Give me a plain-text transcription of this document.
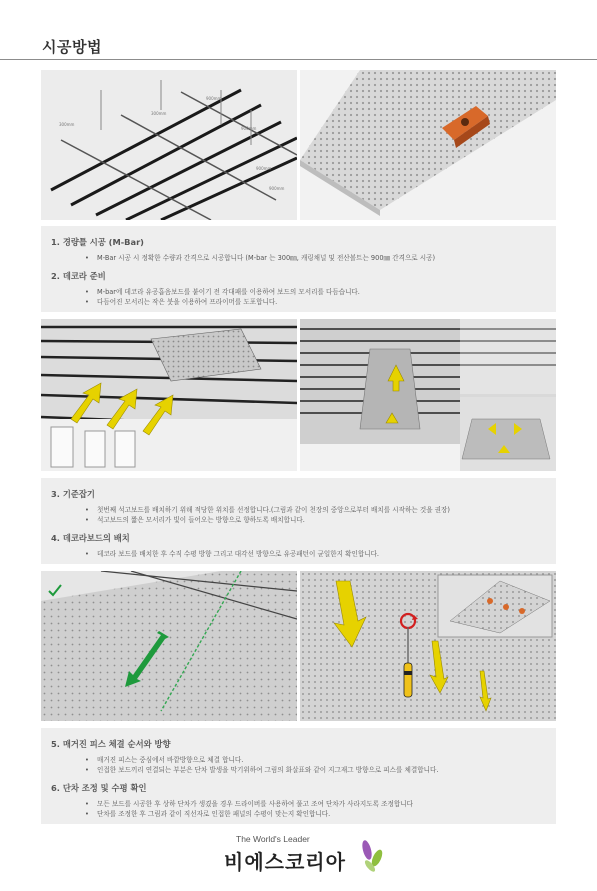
시공방법
300mm
300mm
900mm
900mm
900mm
900mm
1. 경량틀 시공 (M-Bar)
• M-Bar 시공 시 정확한 수량과 간격으로 시공합니다 (M-bar 는 300㎜, 캐링채널 및 전산볼트는 900㎜ 간격으로 시공)
2. 데코라 준비
• M-bar에 데코라 유공흡음보드를 붙이기 전 각대패를 이용하여 보드의 모서리를 다듬습니다.
• 다듬어진 모서리는 작은 붓을 이용하여 프라이머를 도포합니다.
3. 기준잡기
• 첫번째 석고보드를 배치하기 위해 적당한 위치를 선정합니다.(그림과 같이 천장의 중앙으로부터 배치를 시작하는 것을 권장)
• 석고보드의 짧은 모서리가 빛이 들어오는 방향으로 향하도록 배치합니다.
4. 데코라보드의 배치
• 데코라 보드를 배치한 후 수직 수평 방향 그리고 대각선 방향으로 유공패턴이 균일한지 확인합니다.
5. 매거진 피스 체결 순서와 방향
• 매거진 피스는 중심에서 바깥방향으로 체결 합니다.
• 인접한 보드끼리 연결되는 부분은 단차 발생을 막기위하여 그림의 화살표와 같이 지그재그 방향으로 피스를 체결합니다.
6. 단차 조정 및 수평 확인
• 모든 보드를 시공한 후 상하 단차가 생겼을 경우 드라이버를 사용하여 풀고 조여 단차가 사라지도록 조정합니다
• 단차를 조정한 후 그림과 같이 직선자로 인접한 패널의 수평이 맞는지 확인합니다.
The World's Leader
비에스코리아
